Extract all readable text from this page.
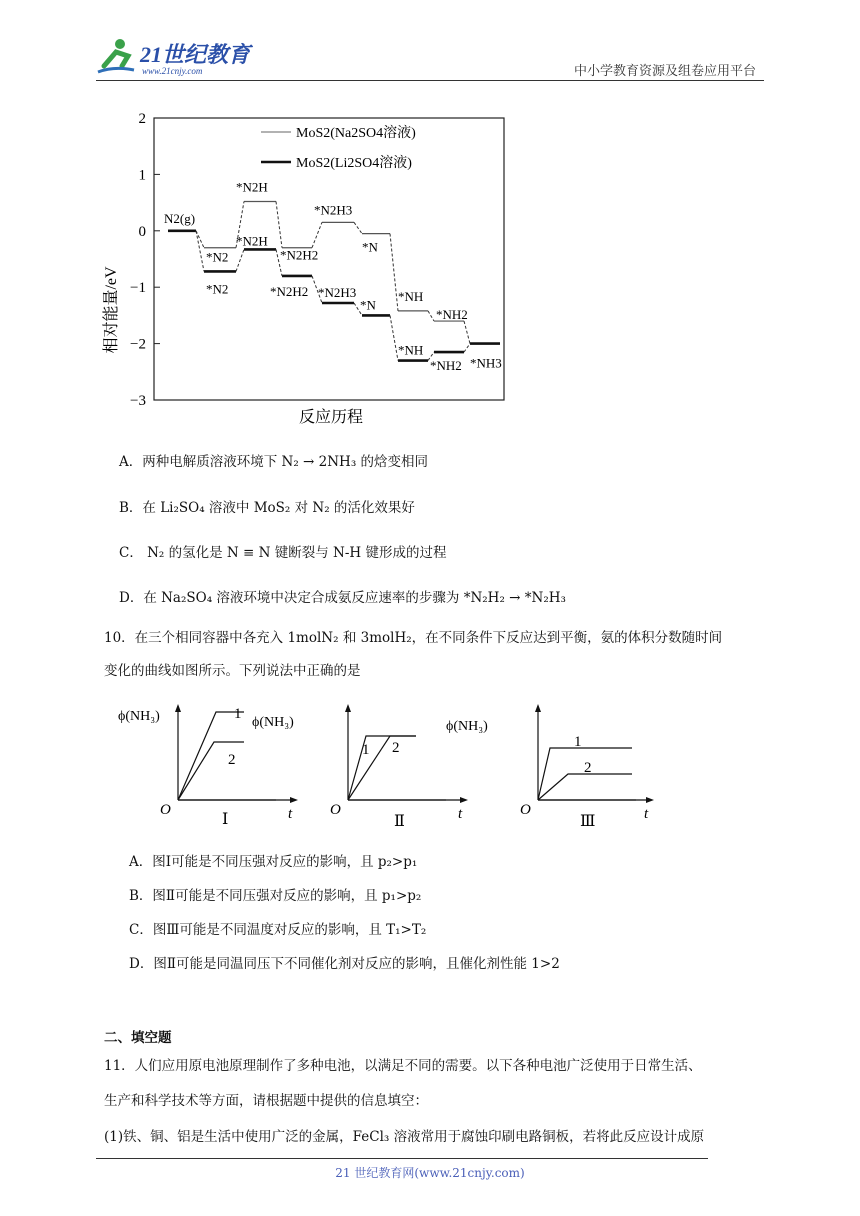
21世纪教育
www.21cnjy.com	中小学教育资源及组卷应用平台
相对能量/eV
反应历程
2
1
0
−1
−2
−3
MoS2(Na2SO4溶液)
MoS2(Li2SO4溶液)
N2(g)
*N2
*N2
*N2H
*N2H
*N2H2
*N2H2
*N2H3
*N2H3
*N
*N
*NH
*NH
*NH2
*NH2 *NH3
A．两种电解质溶液环境下 N₂ → 2NH₃ 的焓变相同
B．在 Li₂SO₄ 溶液中 MoS₂ 对 N₂ 的活化效果好
C． N₂ 的氢化是 N ≡ N 键断裂与 N-H 键形成的过程
D．在 Na₂SO₄ 溶液环境中决定合成氨反应速率的步骤为 *N₂H₂ → *N₂H₃
10．在三个相同容器中各充入 1molN₂ 和 3molH₂，在不同条件下反应达到平衡，氨的体积分数随时间
变化的曲线如图所示。下列说法中正确的是
ϕ(NH₃)
O	t
1
2
Ⅰ
ϕ(NH₃)
O	t
1 2
Ⅱ
ϕ(NH₃)
O	t
1
2
Ⅲ
A．图Ⅰ可能是不同压强对反应的影响，且 p₂>p₁
B．图Ⅱ可能是不同压强对反应的影响，且 p₁>p₂
C．图Ⅲ可能是不同温度对反应的影响，且 T₁>T₂
D．图Ⅱ可能是同温同压下不同催化剂对反应的影响，且催化剂性能 1>2
二、填空题
11．人们应用原电池原理制作了多种电池，以满足不同的需要。以下各种电池广泛使用于日常生活、
生产和科学技术等方面，请根据题中提供的信息填空：
(1)铁、铜、铝是生活中使用广泛的金属，FeCl₃ 溶液常用于腐蚀印刷电路铜板，若将此反应设计成原
21 世纪教育网(www.21cnjy.com)
